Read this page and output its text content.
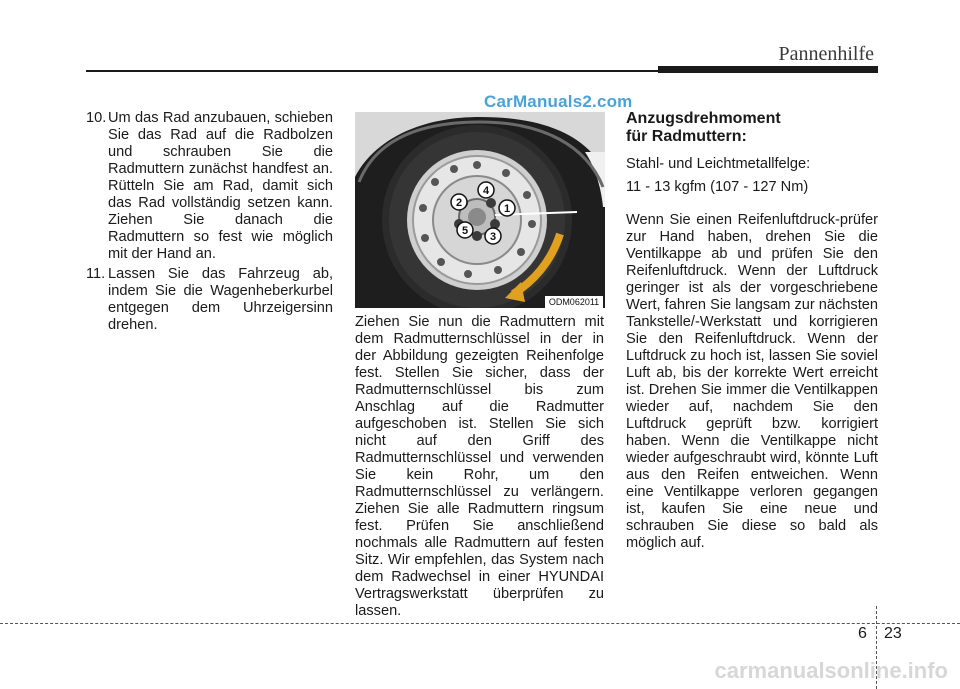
Pannenhilfe
CarManuals2.com
10. Um das Rad anzubauen, schieben Sie das Rad auf die Radbolzen und schrauben Sie die Radmuttern zunächst handfest an. Rütteln Sie am Rad, damit sich das Rad vollständig setzen kann. Ziehen Sie danach die Radmuttern so fest wie möglich mit der Hand an.
11. Lassen Sie das Fahrzeug ab, indem Sie die Wagenheberkurbel entgegen dem Uhrzeigersinn drehen.
1
2
3
4
5
ODM062011
Ziehen Sie nun die Radmuttern mit dem Radmutternschlüssel in der in der Abbildung gezeigten Reihenfolge fest. Stellen Sie sicher, dass der Radmutternschlüssel bis zum Anschlag auf die Radmutter aufgeschoben ist. Stellen Sie sich nicht auf den Griff des Radmutternschlüssel und verwenden Sie kein Rohr, um den Radmutternschlüssel zu verlängern. Ziehen Sie alle Radmuttern ringsum fest. Prüfen Sie anschließend nochmals alle Radmuttern auf festen Sitz. Wir empfehlen, das System nach dem Radwechsel in einer HYUNDAI Vertragswerkstatt überprüfen zu lassen.
Anzugsdrehmoment
für Radmuttern:
Stahl- und Leichtmetallfelge:
11 - 13 kgfm (107 - 127 Nm)
Wenn Sie einen Reifenluftdruck-prüfer zur Hand haben, drehen Sie die Ventilkappe ab und prüfen Sie den Reifenluftdruck. Wenn der Luftdruck geringer ist als der vorgeschriebene Wert, fahren Sie langsam zur nächsten Tankstelle/-Werkstatt und korrigieren Sie den Reifenluftdruck. Wenn der Luftdruck zu hoch ist, lassen Sie soviel Luft ab, bis der korrekte Wert erreicht ist. Drehen Sie immer die Ventilkappen wieder auf, nachdem Sie den Luftdruck geprüft bzw. korrigiert haben. Wenn die Ventilkappe nicht wieder aufgeschraubt wird, könnte Luft aus den Reifen entweichen. Wenn eine Ventilkappe verloren gegangen ist, kaufen Sie eine neue und schrauben Sie diese so bald als möglich auf.
6 23
carmanualsonline.info
